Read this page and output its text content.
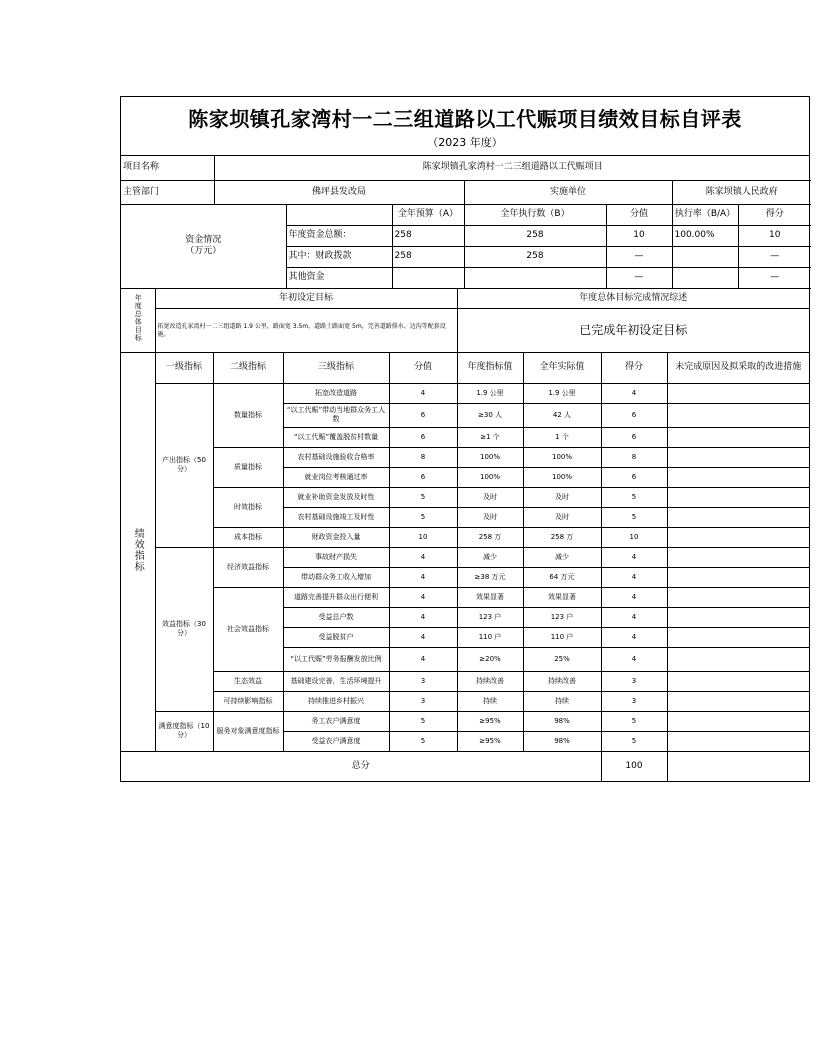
陈家坝镇孔家湾村一二三组道路以工代赈项目绩效目标自评表
（2023 年度）
项目名称	陈家坝镇孔家湾村一二三组道路以工代赈项目						
主管部门	佛坪县发改局			实施单位		陈家坝镇人民政府	

资金情况
（万元）			全年预算（A）	全年执行数（B）	分值	执行率（B/A）	得分
		年度资金总额：	258	258	10	100.00%	10
		其中：财政拨款	258	258	—		—
		其他资金			—		—
年度总体目标	年初设定目标	年度总体目标完成情况综述
	拓宽改造孔家湾村一二三组道路 1.9 公里，路面宽 3.5m，道路土路面宽 5m，完善道路排水、边沟等配套设施。	已完成年初设定目标
绩效指标	一级指标	二级指标	三级指标	分值	年度指标值	全年实际值	得分	未完成原因及拟采取的改进措施
	产出指标（50分）	数量指标	拓宽改造道路	4	1.9 公里	1.9 公里	4	
			“以工代赈”带动当地群众务工人数	6	≥30 人	42 人	6	
			“以工代赈”覆盖脱贫村数量	6	≥1 个	1 个	6	
		质量指标	农村基础设施验收合格率	8	100%	100%	8	
			就业岗位考核通过率	6	100%	100%	6	
		时效指标	就业补助资金发放及时性	5	及时	及时	5	
			农村基础设施竣工及时性	5	及时	及时	5	
		成本指标	财政资金投入量	10	258 万	258 万	10	
	效益指标（30分）	经济效益指标	事故财产损失	4	减少	减少	4	
			带动群众务工收入增加	4	≥38 万元	64 万元	4	
		社会效益指标	道路完善提升群众出行便利	4	效果显著	效果显著	4	
			受益总户数	4	123 户	123 户	4	
			受益脱贫户	4	110 户	110 户	4	
			“以工代赈”劳务报酬发放比例	4	≥20%	25%	4	
		生态效益	基础建设完善，生活环境提升	3	持续改善	持续改善	3	
		可持续影响指标	持续推进乡村振兴	3	持续	持续	3	
	满意度指标（10分）	服务对象满意度指标	务工农户满意度	5	≥95%	98%	5	
			受益农户满意度	5	≥95%	98%	5	
总分							100	
